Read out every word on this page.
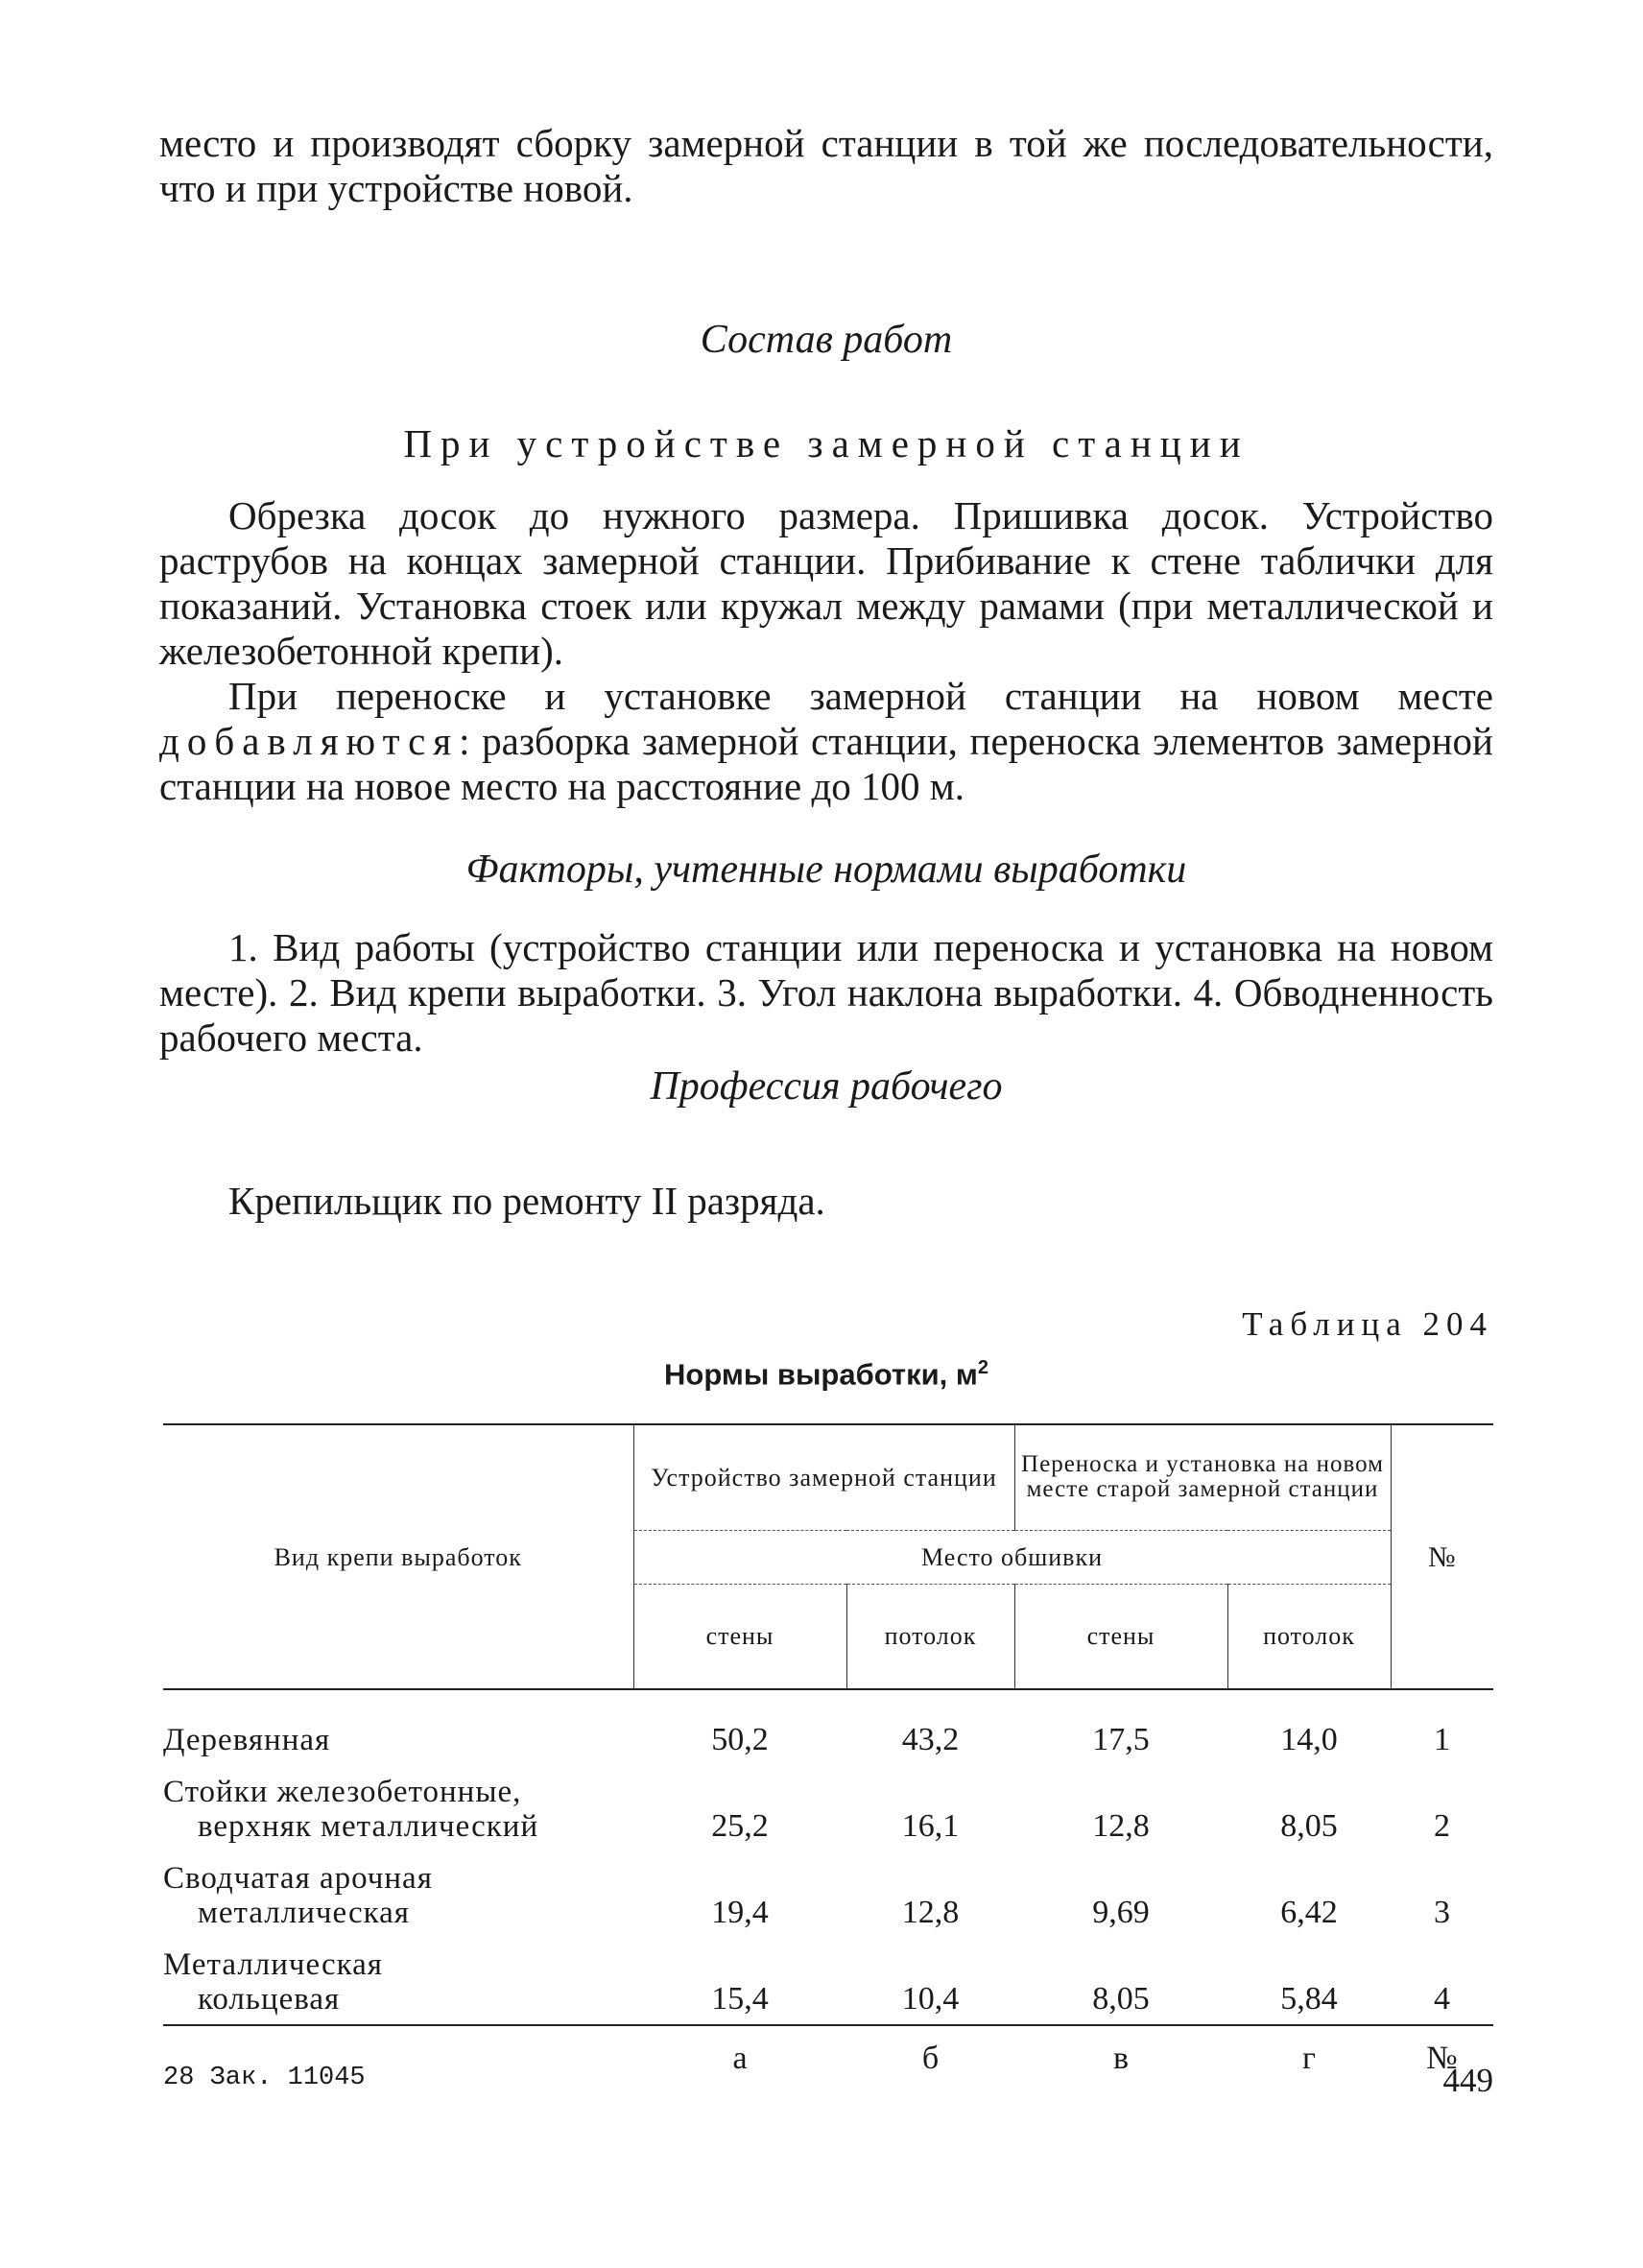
место и производят сборку замерной станции в той же последовательности, что и при устройстве новой.

Состав работ
При устройстве замерной станции

Обрезка досок до нужного размера. Пришивка досок. Устройство раструбов на концах замерной станции. Прибивание к стене таблички для показаний. Установка стоек или кружал между рамами (при металлической и железобетонной крепи).

При переноске и установке замерной станции на новом месте добавляются: разборка замерной станции, переноска элементов замерной станции на новое место на расстояние до 100 м.

Факторы, учтенные нормами выработки

1. Вид работы (устройство станции или переноска и установка на новом месте). 2. Вид крепи выработки. 3. Угол наклона выработки. 4. Обводненность рабочего места.

Профессия рабочего

Крепильщик по ремонту II разряда.

Таблица 204
Нормы выработки, $м^2$
Вид крепи выработок	Устройство замерной станции		Переноска и установка на новом месте старой замерной станции		№
	Место обшивки				
	стены	потолок	стены	потолок	
Деревянная	50,2	43,2	17,5	14,0	1
Стойки железобетонные,
верхняк металлический	25,2	16,1	12,8	8,05	2
Сводчатая арочная
металлическая	19,4	12,8	9,69	6,42	3
Металлическая
кольцевая	15,4	10,4	8,05	5,84	4
	а	б	в	г	№
28 Зак. 11045	449
